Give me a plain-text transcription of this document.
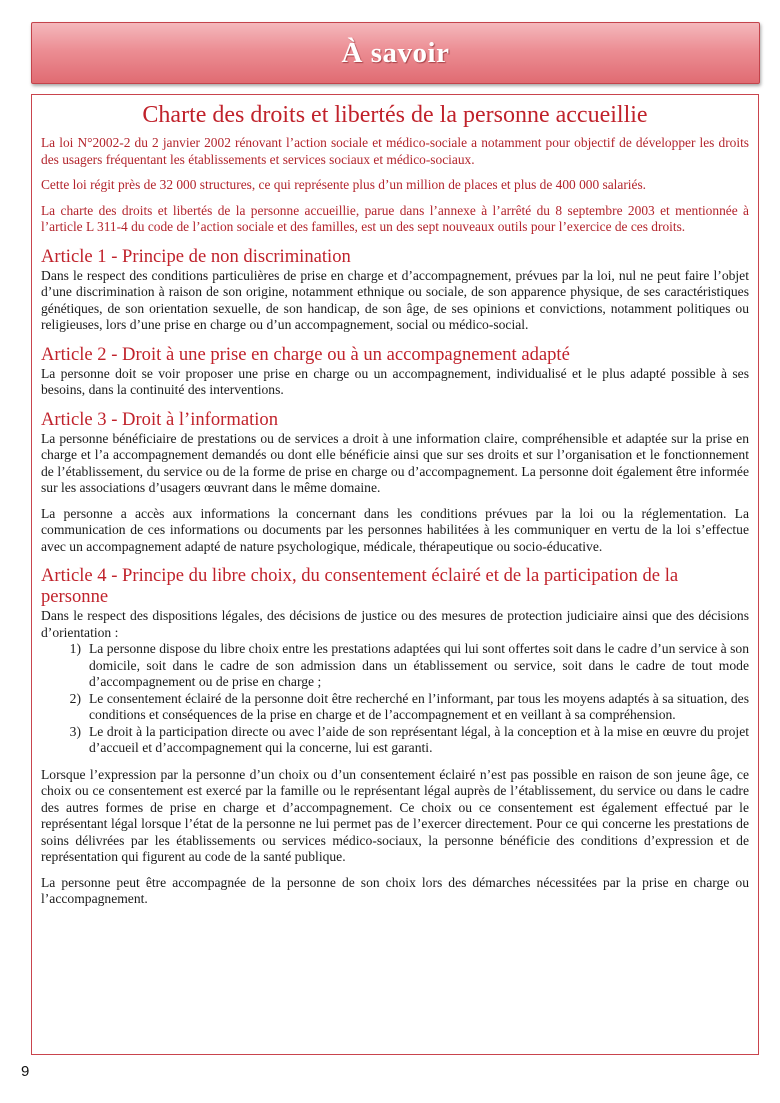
À savoir
Charte des droits et libertés de la personne accueillie

La loi N°2002-2 du 2 janvier 2002 rénovant l’action sociale et médico-sociale a notamment pour objectif de développer les droits des usagers fréquentant les établissements et services sociaux et médico-sociaux.

Cette loi régit près de 32 000 structures, ce qui représente plus d’un million de places et plus de 400 000 salariés.

La charte des droits et libertés de la personne accueillie, parue dans l’annexe à l’arrêté du 8 septembre 2003 et mentionnée à l’article L 311-4 du code de l’action sociale et des familles, est un des sept nouveaux outils pour l’exercice de ces droits.

Article 1 - Principe de non discrimination

Dans le respect des conditions particulières de prise en charge et d’accompagnement, prévues par la loi, nul ne peut faire l’objet d’une discrimination à raison de son origine, notamment ethnique ou sociale, de son apparence physique, de ses caractéristiques génétiques, de son orientation sexuelle, de son handicap, de son âge, de ses opinions et convictions, notamment politiques ou religieuses, lors d’une prise en charge ou d’un accompagnement, social ou médico-social.

Article 2 - Droit à une prise en charge ou à un accompagnement adapté

La personne doit se voir proposer une prise en charge ou un accompagnement, individualisé et le plus adapté possible à ses besoins, dans la continuité des interventions.

Article 3 - Droit à l’information

La personne bénéficiaire de prestations ou de services a droit à une information claire, compréhensible et adaptée sur la prise en charge et l’a accompagnement demandés ou dont elle bénéficie ainsi que sur ses droits et sur l’organisation et le fonctionnement de l’établissement, du service ou de la forme de prise en charge ou d’accompagnement. La personne doit également être informée sur les associations d’usagers œuvrant dans le même domaine.

La personne a accès aux informations la concernant dans les conditions prévues par la loi ou la réglementation. La communication de ces informations ou documents par les personnes habilitées à les communiquer en vertu de la loi s’effectue avec un accompagnement adapté de nature psychologique, médicale, thérapeutique ou socio-éducative.

Article 4 - Principe du libre choix, du consentement éclairé et de la participation de la personne

Dans le respect des dispositions légales, des décisions de justice ou des mesures de protection judiciaire ainsi que des décisions d’orientation :

1) La personne dispose du libre choix entre les prestations adaptées qui lui sont offertes soit dans le cadre d’un service à son domicile, soit dans le cadre de son admission dans un établissement ou service, soit dans le cadre de tout mode d’accompagnement ou de prise en charge ;
2) Le consentement éclairé de la personne doit être recherché en l’informant, par tous les moyens adaptés à sa situation, des conditions et conséquences de la prise en charge et de l’accompagnement et en veillant à sa compréhension.
3) Le droit à la participation directe ou avec l’aide de son représentant légal, à la conception et à la mise en œuvre du projet d’accueil et d’accompagnement qui la concerne, lui est garanti.

Lorsque l’expression par la personne d’un choix ou d’un consentement éclairé n’est pas possible en raison de son jeune âge, ce choix ou ce consentement est exercé par la famille ou le représentant légal auprès de l’établissement, du service ou dans le cadre des autres formes de prise en charge et d’accompagnement. Ce choix ou ce consentement est également effectué par le représentant légal lorsque l’état de la personne ne lui permet pas de l’exercer directement. Pour ce qui concerne les prestations de soins délivrées par les établissements ou services médico-sociaux, la personne bénéficie des conditions d’expression et de représentation qui figurent au code de la santé publique.

La personne peut être accompagnée de la personne de son choix lors des démarches nécessitées par la prise en charge ou l’accompagnement.

9
